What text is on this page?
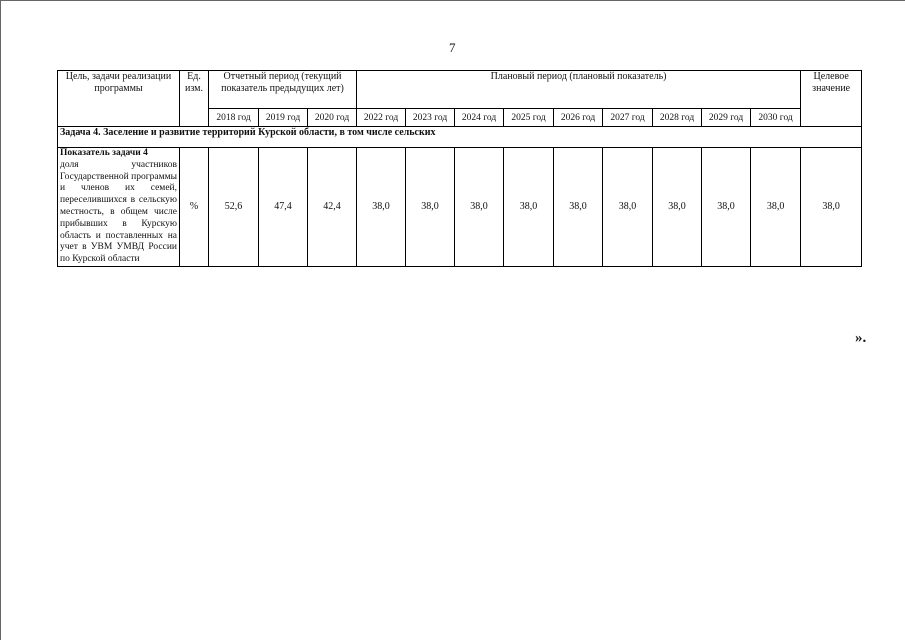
7
Цель, задачи реализации программы	Ед. изм.	Отчетный период (текущий показатель предыдущих лет)			Плановый период (плановый показатель)									Целевое значение
		2018 год	2019 год	2020 год	2022 год	2023 год	2024 год	2025 год	2026 год	2027 год	2028 год	2029 год	2030 год	
Задача 4. Заселение и развитие территорий Курской области, в том числе сельских														

Показатель задачи 4
доля участников Государственной программы и членов их семей, переселившихся в сельскую местность, в общем числе прибывших в Курскую область и поставленных на учет в УВМ УМВД России по Курской области	%	52,6	47,4	42,4	38,0	38,0	38,0	38,0	38,0	38,0	38,0	38,0	38,0	38,0
».
